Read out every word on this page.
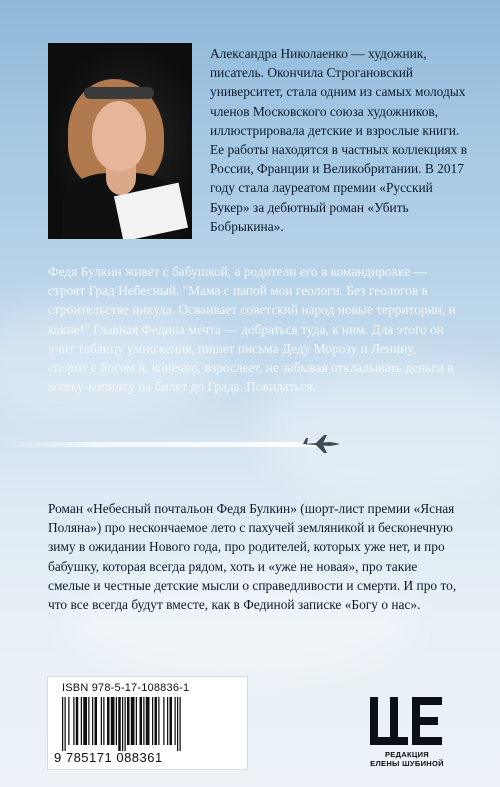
Александра Николаенко — художник, писатель. Окончила Строгановский университет, стала одним из самых молодых членов Московского союза художников, иллюстрировала детские и взрослые книги. Ее работы находятся в частных коллекциях в России, Франции и Великобритании. В 2017 году стала лауреатом премии «Русский Букер» за дебютный роман «Убить Бобрыкина».
Федя Булкин живет с бабушкой, а родители его в командировке — строят Град Небесный. "Мама с папой мои геологи. Без геологов в строительстве никуда. Осваивает советский народ новые территории, и какие!" Главная Федина мечта — добраться туда, к ним. Для этого он учит таблицу умножения, пишет письма Деду Морозу и Ленину, спорит с Богом и, конечно, взрослеет, не забывая откладывать деньги в кошку-копилку на билет до Града. Повидаться.
Роман «Небесный почтальон Федя Булкин» (шорт-лист премии «Ясная Поляна») про нескончаемое лето с пахучей земляникой и бесконечную зиму в ожидании Нового года, про родителей, которых уже нет, и про бабушку, которая всегда рядом, хоть и «уже не новая», про такие смелые и честные детские мысли о справедливости и смерти. И про то, что все всегда будут вместе, как в Фединой записке «Богу о нас».
ISBN 978-5-17-108836-1
9 785171 088361	РЕДАКЦИЯ
ЕЛЕНЫ ШУБИНОЙ
